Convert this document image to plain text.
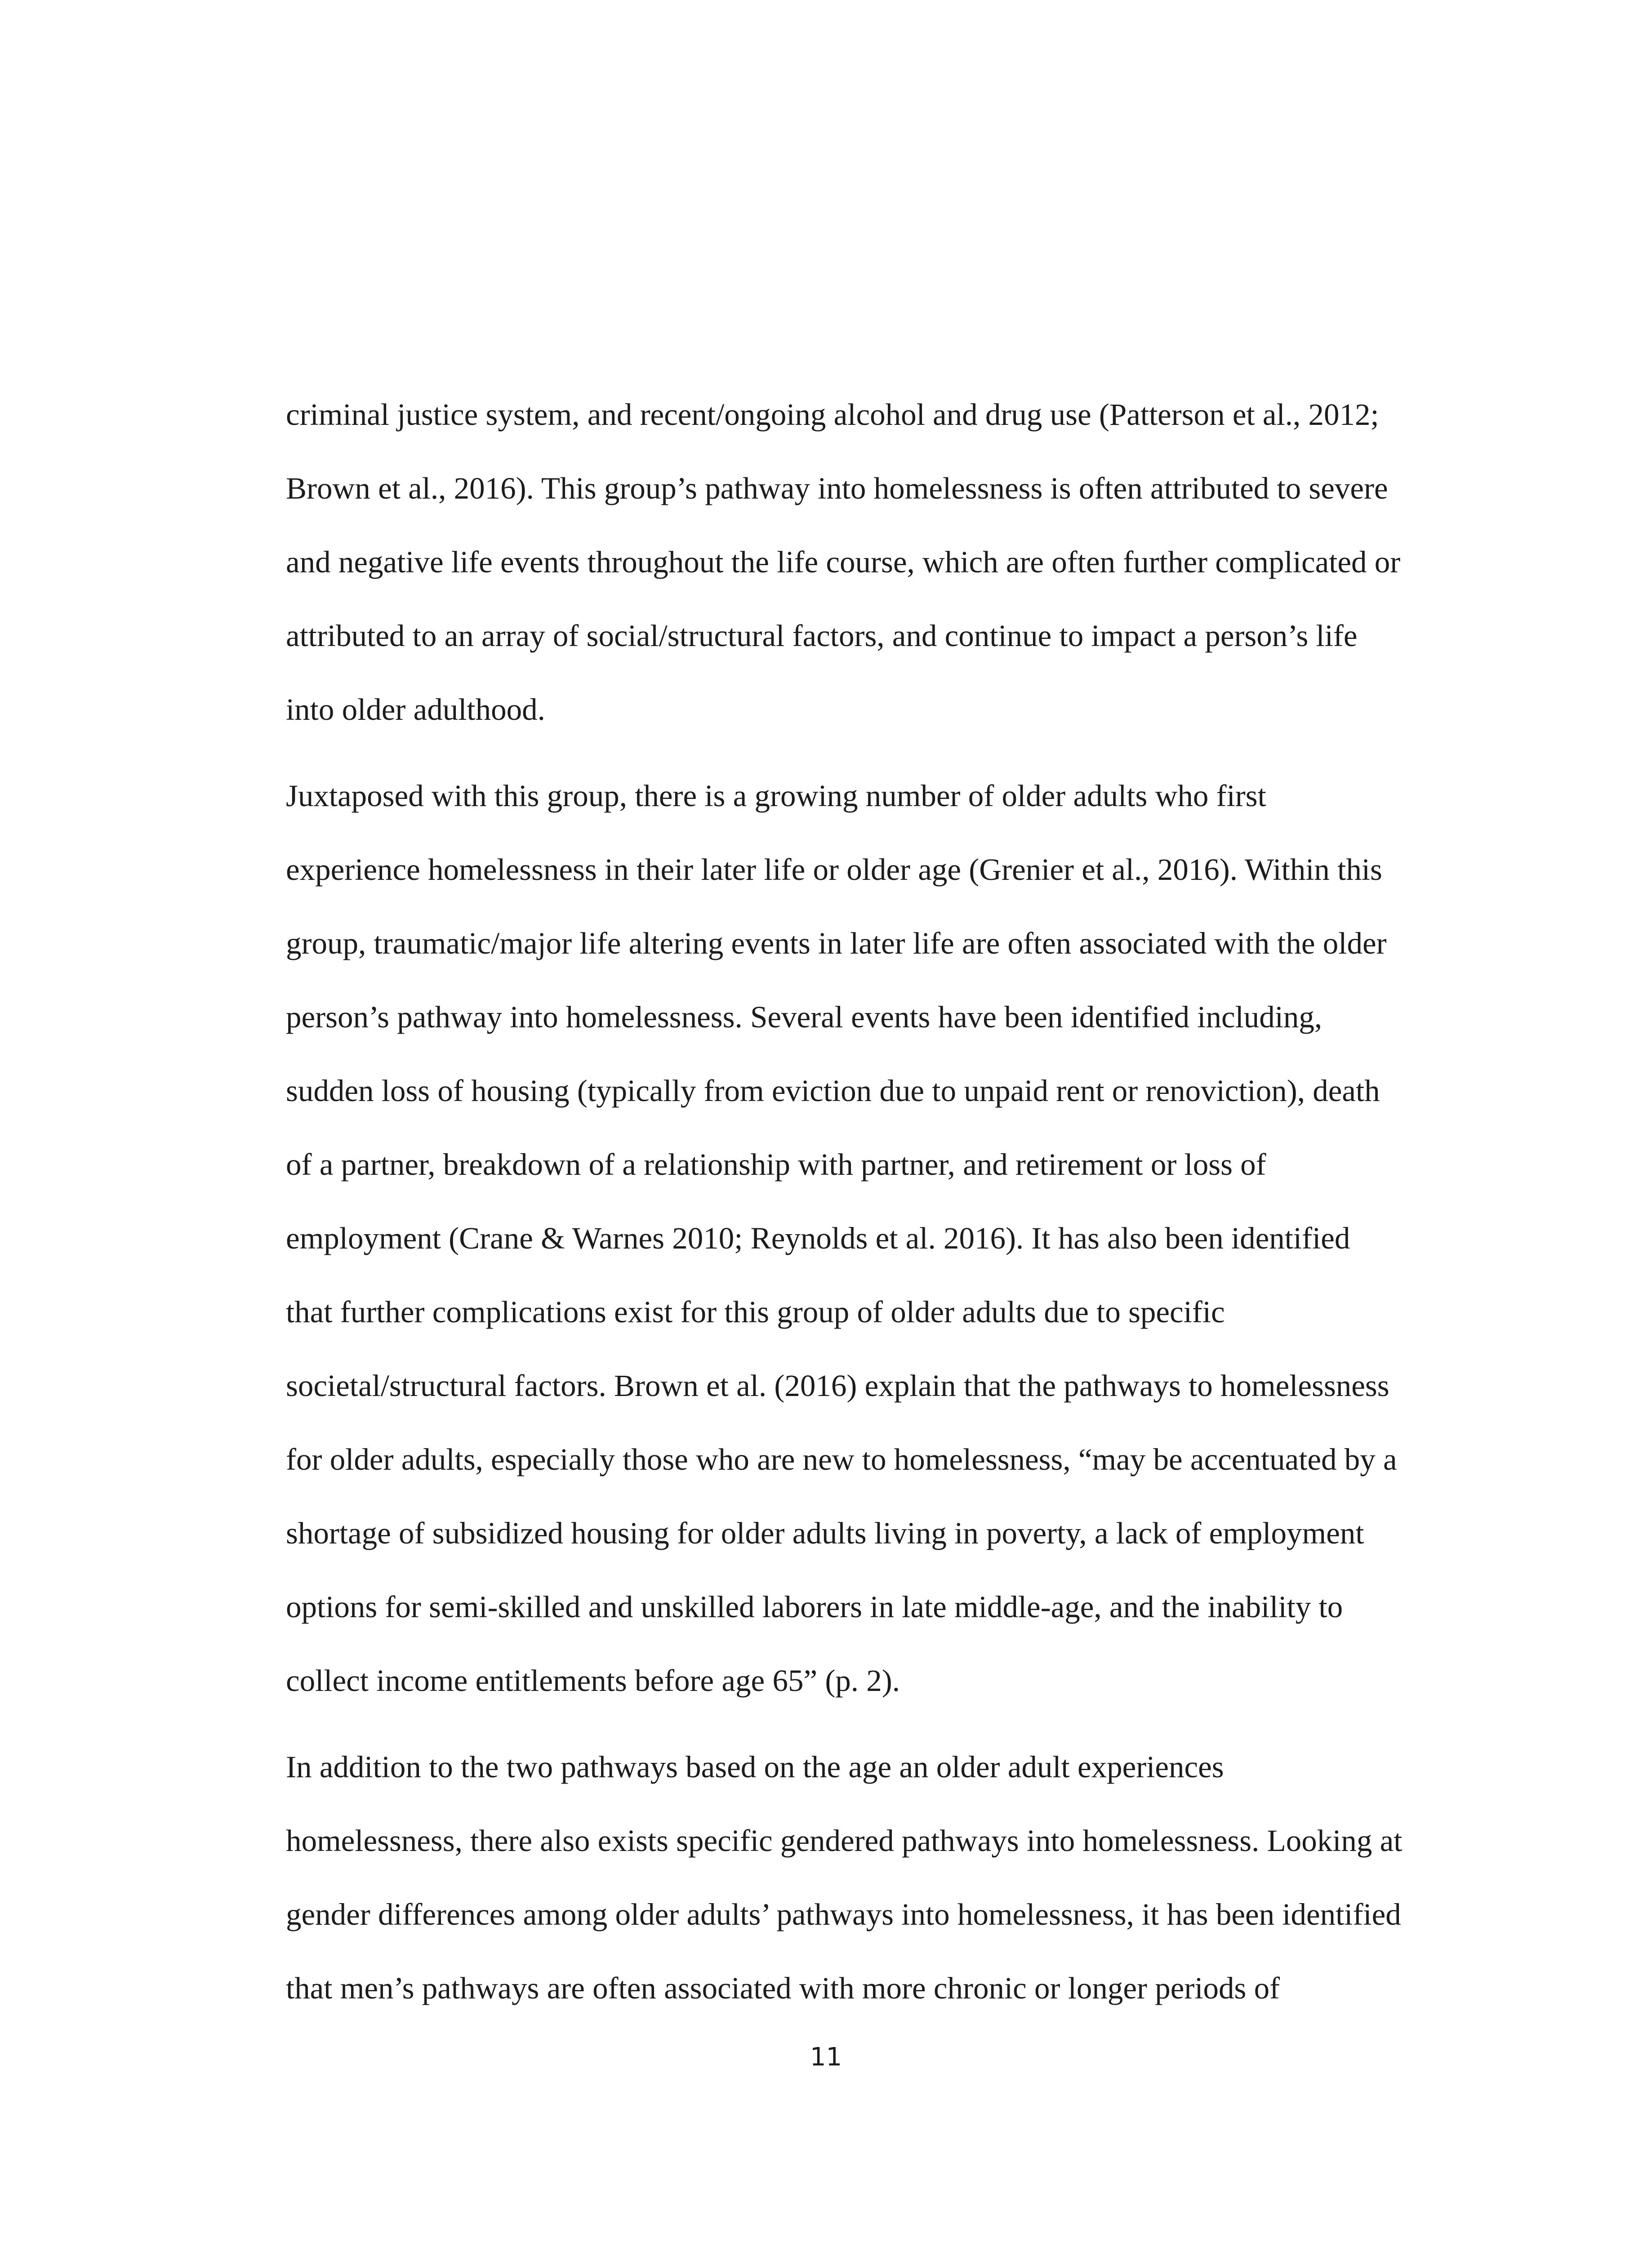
criminal justice system, and recent/ongoing alcohol and drug use (Patterson et al., 2012;
Brown et al., 2016). This group’s pathway into homelessness is often attributed to severe
and negative life events throughout the life course, which are often further complicated or
attributed to an array of social/structural factors, and continue to impact a person’s life
into older adulthood.

Juxtaposed with this group, there is a growing number of older adults who first
experience homelessness in their later life or older age (Grenier et al., 2016). Within this
group, traumatic/major life altering events in later life are often associated with the older
person’s pathway into homelessness. Several events have been identified including,
sudden loss of housing (typically from eviction due to unpaid rent or renoviction), death
of a partner, breakdown of a relationship with partner, and retirement or loss of
employment (Crane & Warnes 2010; Reynolds et al. 2016). It has also been identified
that further complications exist for this group of older adults due to specific
societal/structural factors. Brown et al. (2016) explain that the pathways to homelessness
for older adults, especially those who are new to homelessness, “may be accentuated by a
shortage of subsidized housing for older adults living in poverty, a lack of employment
options for semi-skilled and unskilled laborers in late middle-age, and the inability to
collect income entitlements before age 65” (p. 2).

In addition to the two pathways based on the age an older adult experiences
homelessness, there also exists specific gendered pathways into homelessness. Looking at
gender differences among older adults’ pathways into homelessness, it has been identified
that men’s pathways are often associated with more chronic or longer periods of

11
